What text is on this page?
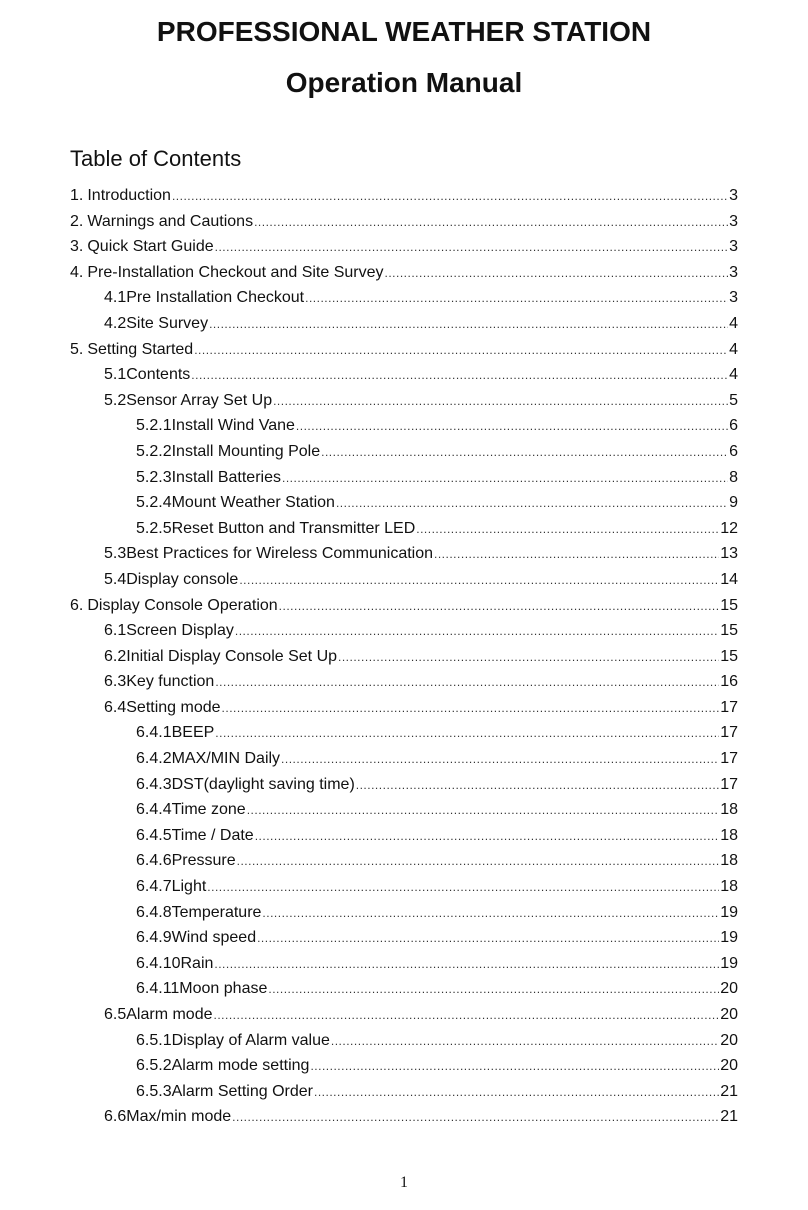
PROFESSIONAL WEATHER STATION
Operation Manual
Table of Contents
1. Introduction .....	3
2. Warnings and Cautions .....	3
3. Quick Start Guide .....	3
4. Pre-Installation Checkout and Site Survey .....	3
4.1 Pre Installation Checkout .....	3
4.2 Site Survey .....	4
5. Setting Started .....	4
5.1 Contents .....	4
5.2 Sensor Array Set Up .....	5
5.2.1 Install Wind Vane .....	6
5.2.2 Install Mounting Pole .....	6
5.2.3 Install Batteries .....	8
5.2.4 Mount Weather Station .....	9
5.2.5 Reset Button and Transmitter LED .....	12
5.3 Best Practices for Wireless Communication .....	13
5.4 Display console .....	14
6. Display Console Operation .....	15
6.1 Screen Display .....	15
6.2 Initial Display Console Set Up .....	15
6.3 Key function .....	16
6.4 Setting mode .....	17
6.4.1 BEEP .....	17
6.4.2 MAX/MIN Daily .....	17
6.4.3 DST(daylight saving time) .....	17
6.4.4 Time zone .....	18
6.4.5 Time / Date .....	18
6.4.6 Pressure .....	18
6.4.7 Light .....	18
6.4.8 Temperature .....	19
6.4.9 Wind speed .....	19
6.4.10 Rain .....	19
6.4.11 Moon phase .....	20
6.5 Alarm mode .....	20
6.5.1 Display of Alarm value .....	20
6.5.2 Alarm mode setting .....	20
6.5.3 Alarm Setting Order .....	21
6.6 Max/min mode .....	21
1
